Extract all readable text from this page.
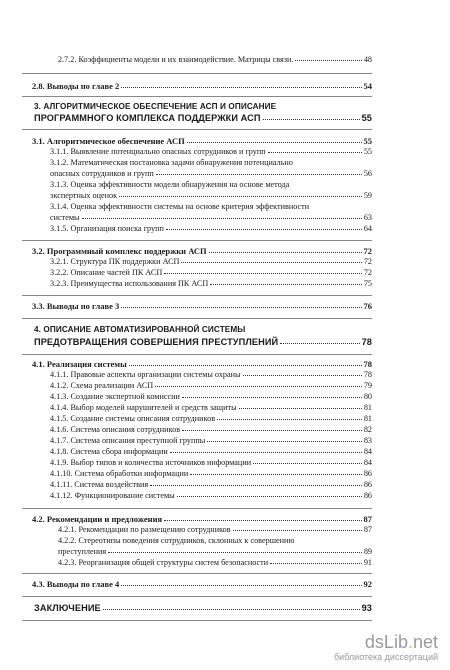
2.7.2. Коэффициенты модели и их взаимодействие. Матрицы связи.	48
2.8. Выводы по главе 2	54
3. АЛГОРИТМИЧЕСКОЕ ОБЕСПЕЧЕНИЕ АСП И ОПИСАНИЕ
ПРОГРАММНОГО КОМПЛЕКСА ПОДДЕРЖКИ АСП	55
3.1. Алгоритмическое обеспечение АСП	55
3.1.1. Выявление потенциально опасных сотрудников и групп	55
3.1.2. Математическая постановка задачи обнаружения потенциально
опасных сотрудников и групп	56
3.1.3. Оценка эффективности модели обнаружения на основе метода
экспертных оценок	59
3.1.4. Оценка эффективности системы на основе критерия эффективности
системы	63
3.1.5. Организация поиска групп	64
3.2. Программный комплекс поддержки АСП	72
3.2.1. Структура ПК поддержки АСП	72
3.2.2. Описание частей ПК АСП	72
3.2.3. Преимущества использования ПК АСП	75
3.3. Выводы по главе 3	76
4. ОПИСАНИЕ АВТОМАТИЗИРОВАННОЙ СИСТЕМЫ
ПРЕДОТВРАЩЕНИЯ СОВЕРШЕНИЯ ПРЕСТУПЛЕНИЙ	78
4.1. Реализация системы	78
4.1.1. Правовые аспекты организации системы охраны	78
4.1.2. Схема реализации АСП	79
4.1.3. Создание экспертной комиссии	80
4.1.4. Выбор моделей нарушителей и средств защиты	81
4.1.5. Создание системы описания сотрудников	81
4.1.6. Система описания сотрудников	82
4.1.7. Система описания преступной группы	83
4.1.8. Система сбора информации	84
4.1.9. Выбор типов и количества источников информации	84
4.1.10. Система обработки информации	86
4.1.11. Система воздействия	86
4.1.12. Функционирование системы	86
4.2. Рекомендации и предложения	87
4.2.1. Рекомендации по размещению сотрудников	87
4.2.2. Стереотипы поведения сотрудников, склонных к совершению
преступления	89
4.2.3. Реорганизация общей структуры систем безопасности	91
4.3. Выводы по главе 4	92
ЗАКЛЮЧЕНИЕ	93
dsLib.net
библиотека диссертаций
